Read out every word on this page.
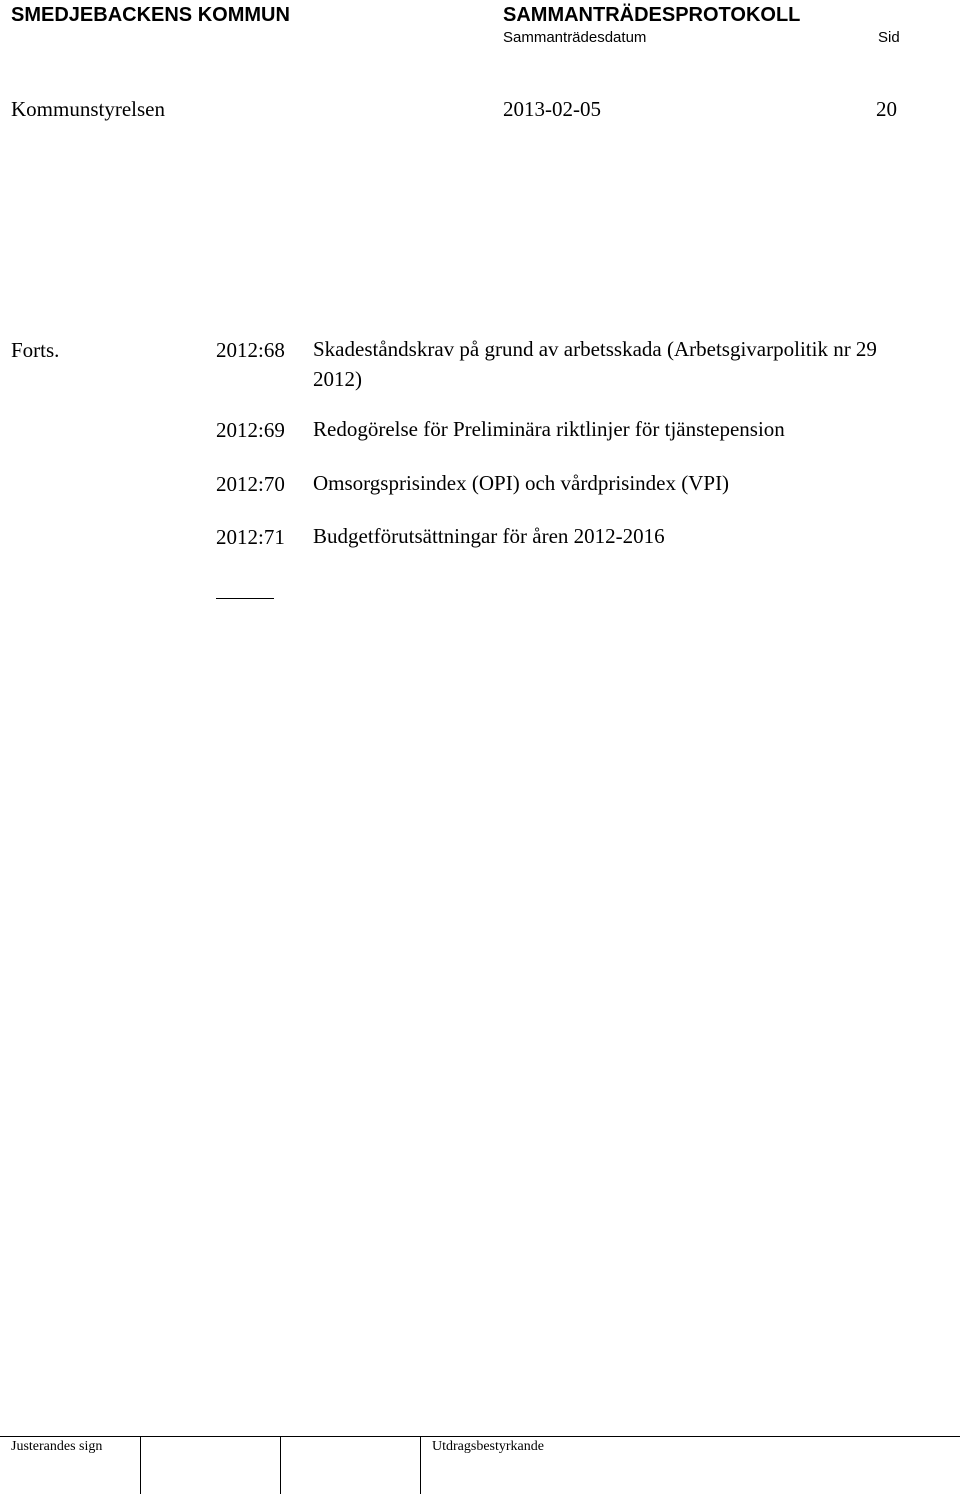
SMEDJEBACKENS KOMMUN	SAMMANTRÄDESPROTOKOLL
Sammanträdesdatum	Sid
Kommunstyrelsen	2013-02-05	20
Forts.	2012:68 Skadeståndskrav på grund av arbetsskada (Arbetsgivarpolitik nr 29 2012)
2012:69 Redogörelse för Preliminära riktlinjer för tjänstepension
2012:70 Omsorgsprisindex (OPI) och vårdprisindex (VPI)
2012:71 Budgetförutsättningar för åren 2012-2016
Justerandes sign	Utdragsbestyrkande
